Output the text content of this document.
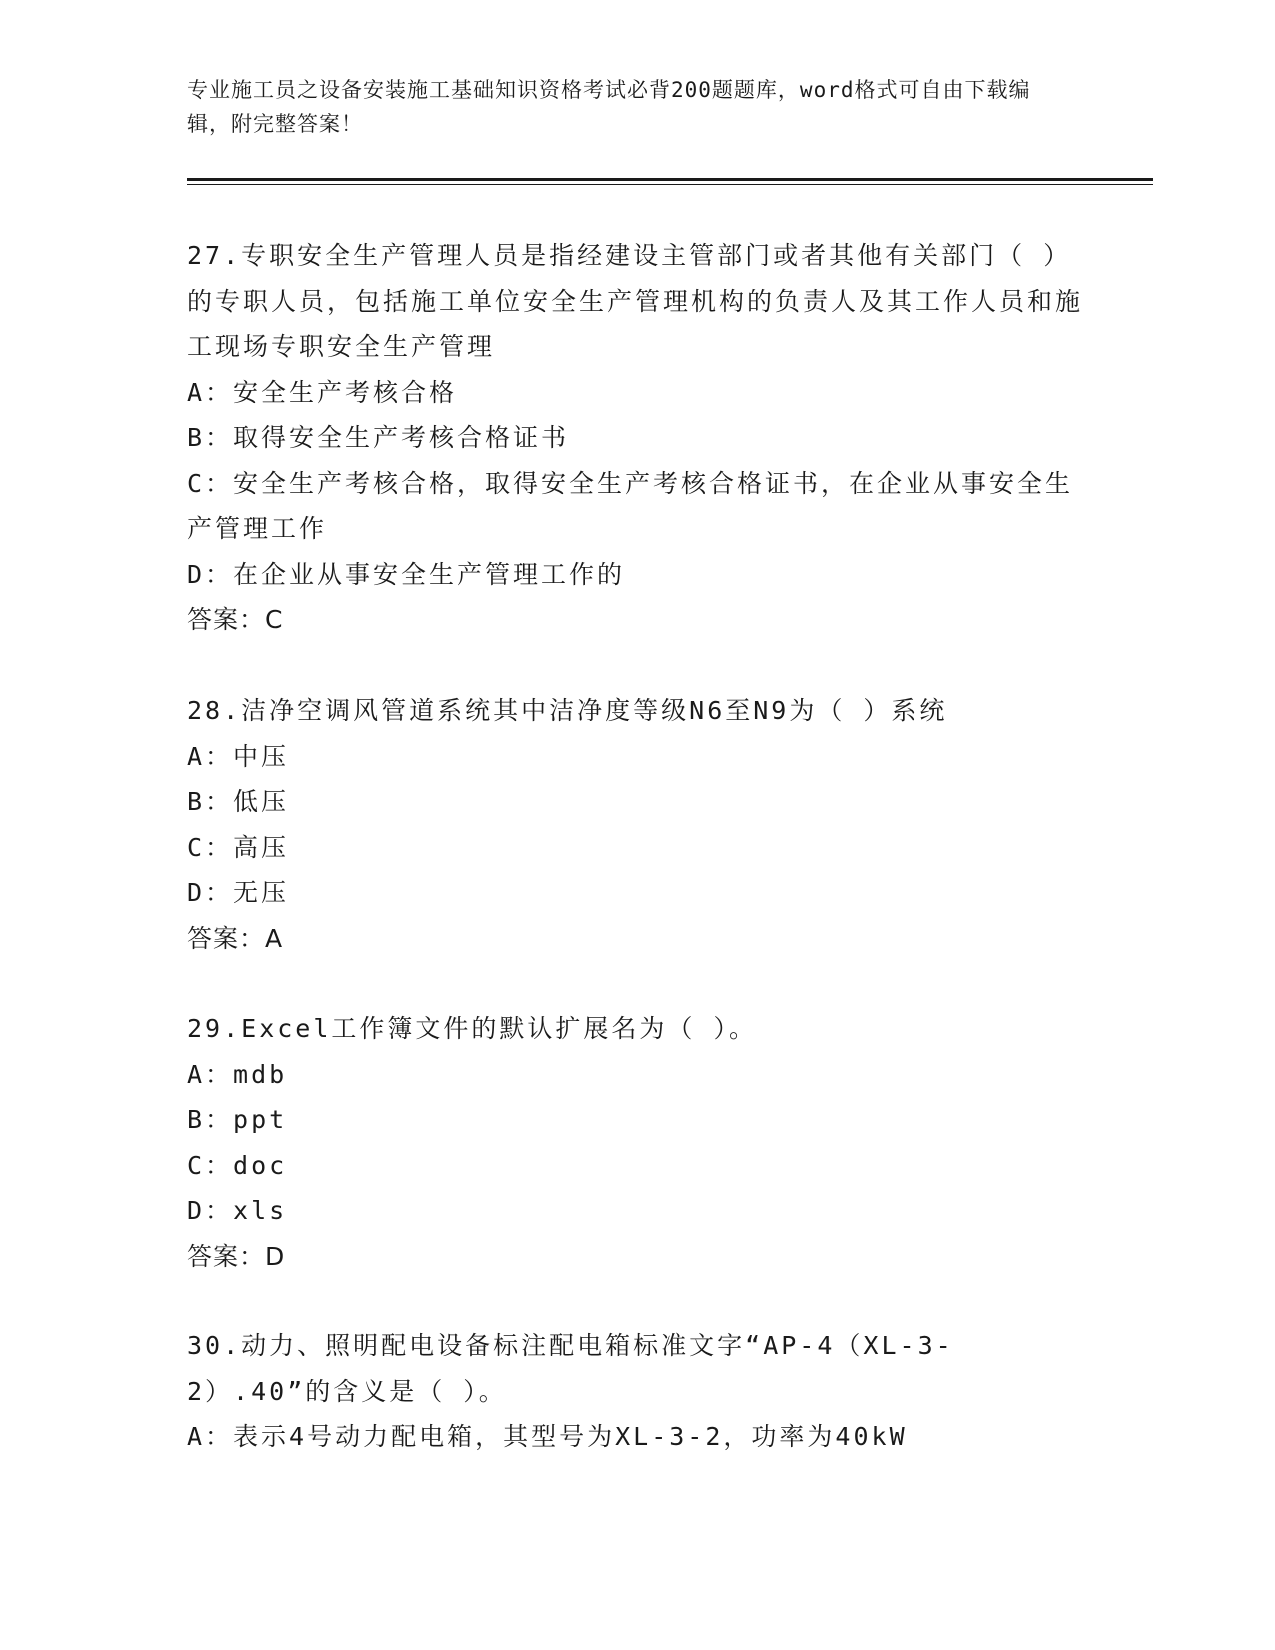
专业施工员之设备安装施工基础知识资格考试必背200题题库，word格式可自由下载编辑，附完整答案！

27.专职安全生产管理人员是指经建设主管部门或者其他有关部门（ ）的专职人员，包括施工单位安全生产管理机构的负责人及其工作人员和施工现场专职安全生产管理

A：安全生产考核合格

B：取得安全生产考核合格证书

C：安全生产考核合格，取得安全生产考核合格证书，在企业从事安全生产管理工作

D：在企业从事安全生产管理工作的

答案：C

28.洁净空调风管道系统其中洁净度等级N6至N9为（ ）系统

A：中压

B：低压

C：高压

D：无压

答案：A

29.Excel工作簿文件的默认扩展名为（ ）。

A：mdb

B：ppt

C：doc

D：xls

答案：D

30.动力、照明配电设备标注配电箱标准文字“AP-4（XL-3-2）.40”的含义是（ ）。

A：表示4号动力配电箱，其型号为XL-3-2，功率为40kW
